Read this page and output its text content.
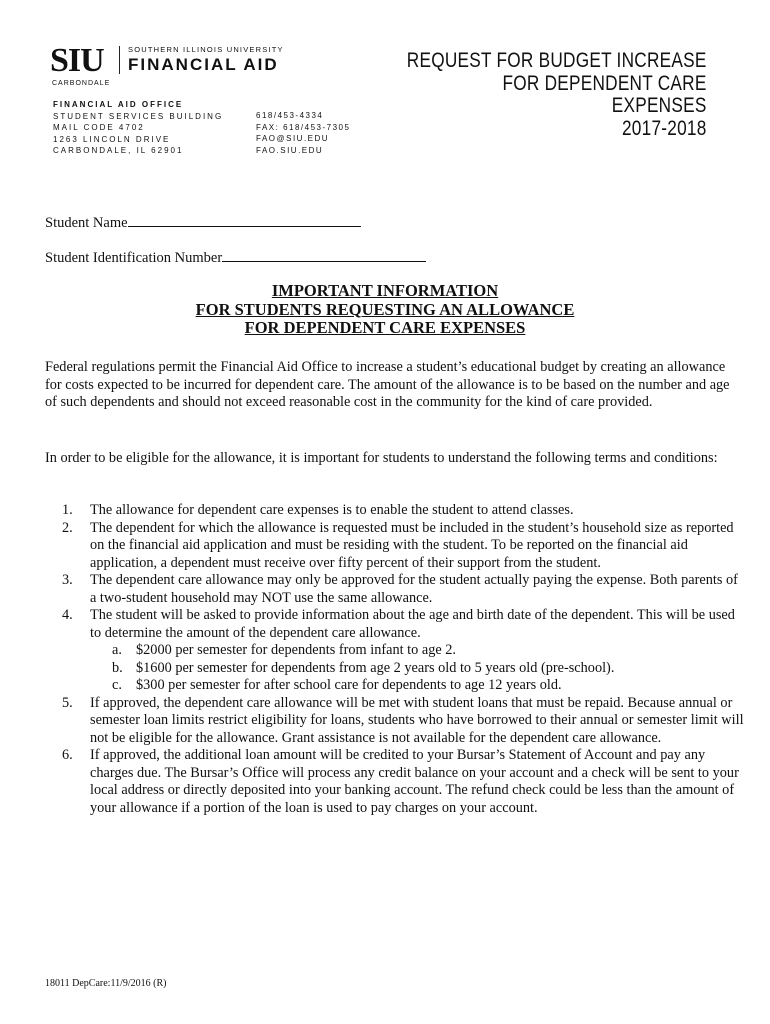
SIU	SOUTHERN ILLINOIS UNIVERSITY
FINANCIAL AID
CARBONDALE
FINANCIAL AID OFFICE
STUDENT SERVICES BUILDING
MAIL CODE 4702
1263 LINCOLN DRIVE
CARBONDALE, IL 62901
618/453-4334
FAX: 618/453-7305
FAO@SIU.EDU
FAO.SIU.EDU
REQUEST FOR BUDGET INCREASE
FOR DEPENDENT CARE
EXPENSES
2017-2018
Student Name
Student Identification Number
IMPORTANT INFORMATION
FOR STUDENTS REQUESTING AN ALLOWANCE
FOR DEPENDENT CARE EXPENSES
Federal regulations permit the Financial Aid Office to increase a student’s educational budget by creating an allowance for costs expected to be incurred for dependent care. The amount of the allowance is to be based on the number and age of such dependents and should not exceed reasonable cost in the community for the kind of care provided.
In order to be eligible for the allowance, it is important for students to understand the following terms and conditions:
1. The allowance for dependent care expenses is to enable the student to attend classes.
2. The dependent for which the allowance is requested must be included in the student’s household size as reported on the financial aid application and must be residing with the student. To be reported on the financial aid application, a dependent must receive over fifty percent of their support from the student.
3. The dependent care allowance may only be approved for the student actually paying the expense. Both parents of a two-student household may NOT use the same allowance.
4. The student will be asked to provide information about the age and birth date of the dependent. This will be used to determine the amount of the dependent care allowance.
a. $2000 per semester for dependents from infant to age 2.
b. $1600 per semester for dependents from age 2 years old to 5 years old (pre-school).
c. $300 per semester for after school care for dependents to age 12 years old.
5. If approved, the dependent care allowance will be met with student loans that must be repaid. Because annual or semester loan limits restrict eligibility for loans, students who have borrowed to their annual or semester limit will not be eligible for the allowance. Grant assistance is not available for the dependent care allowance.
6. If approved, the additional loan amount will be credited to your Bursar’s Statement of Account and pay any charges due. The Bursar’s Office will process any credit balance on your account and a check will be sent to your local address or directly deposited into your banking account. The refund check could be less than the amount of your allowance if a portion of the loan is used to pay charges on your account.
18011 DepCare:11/9/2016 (R)
